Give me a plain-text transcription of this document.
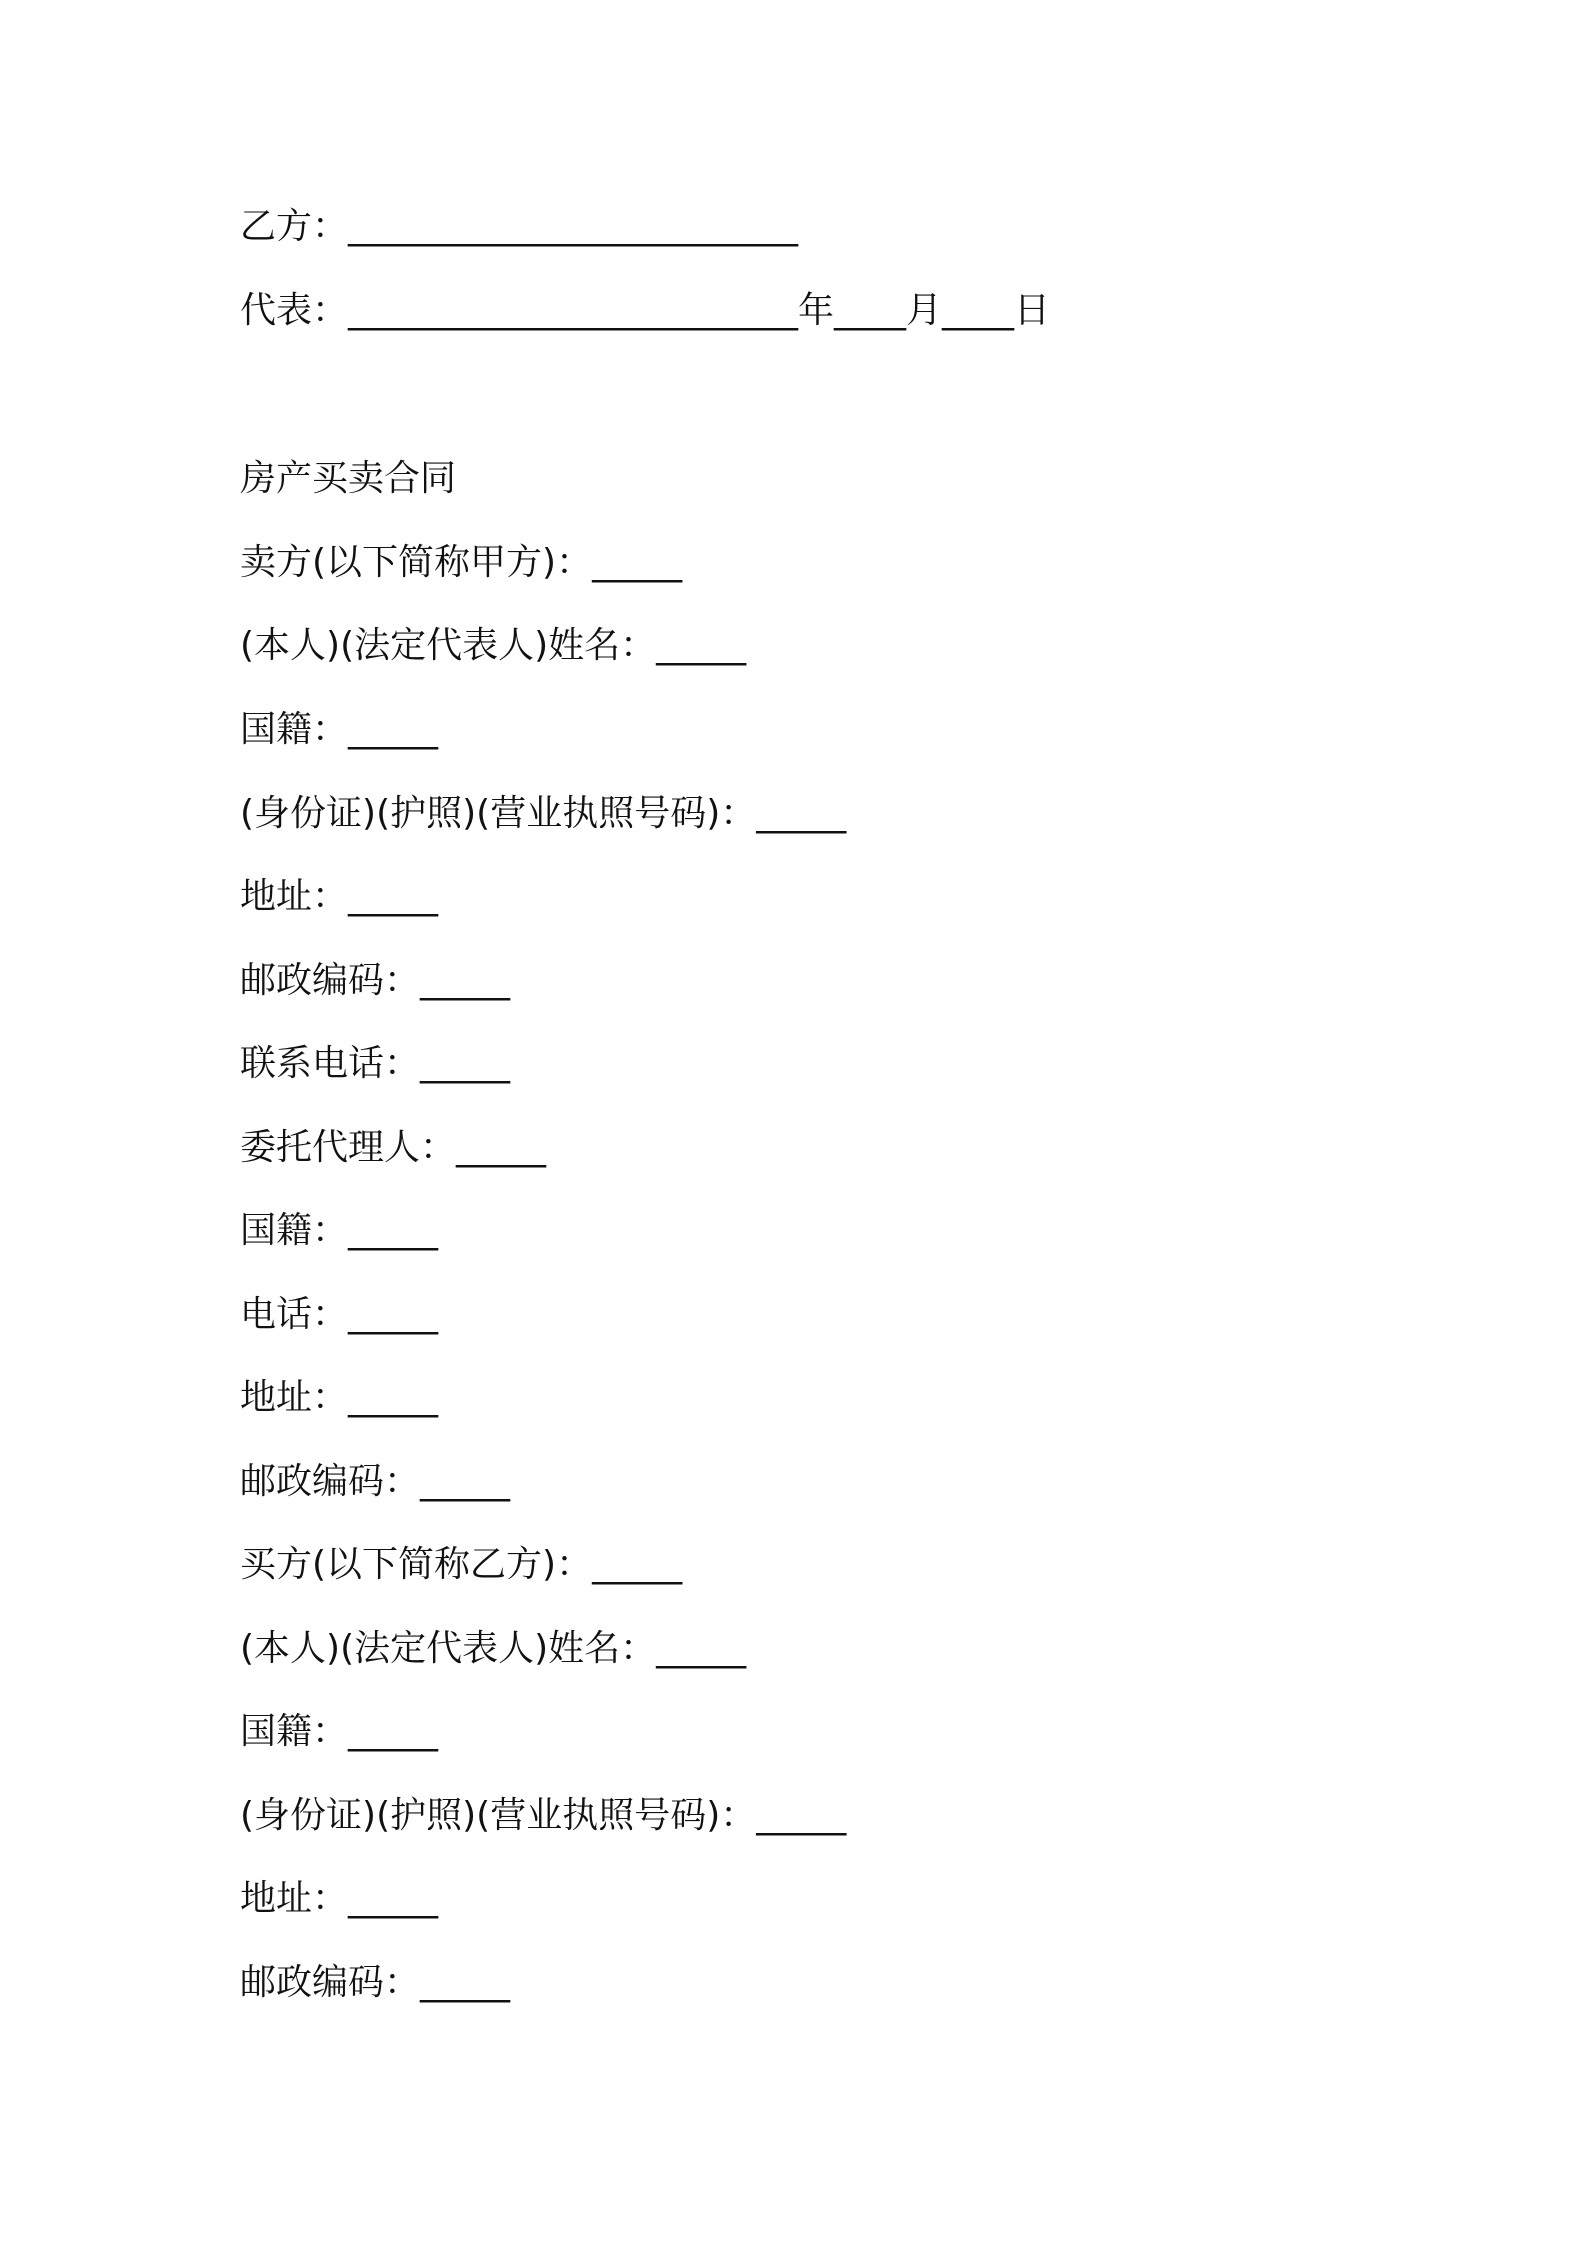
乙方：_________________________
代表：_________________________年____月____日
房产买卖合同
卖方(以下简称甲方)：_____
(本人)(法定代表人)姓名：_____
国籍：_____
(身份证)(护照)(营业执照号码)：_____
地址：_____
邮政编码：_____
联系电话：_____
委托代理人：_____
国籍：_____
电话：_____
地址：_____
邮政编码：_____
买方(以下简称乙方)：_____
(本人)(法定代表人)姓名：_____
国籍：_____
(身份证)(护照)(营业执照号码)：_____
地址：_____
邮政编码：_____
